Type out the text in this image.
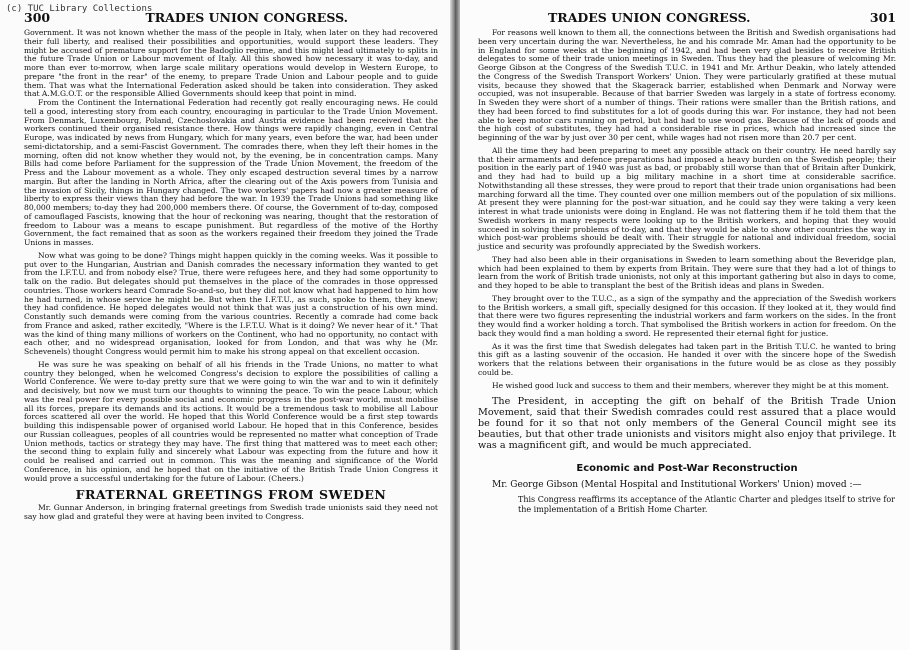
(c) TUC Library Collections
300	TRADES UNION CONGRESS.

Government. It was not known whether the mass of the people in Italy, when later on they had recovered their full liberty, and realised their possibilities and opportunities, would support these leaders. They might be accused of premature support for the Badoglio regime, and this might lead ultimately to splits in the future Trade Union or Labour movement of Italy. All this showed how necessary it was to-day, and more than ever to-morrow, when large scale military operations would develop in Western Europe, to prepare "the front in the rear" of the enemy, to prepare Trade Union and Labour people and to guide them. That was what the International Federation asked should be taken into consideration. They asked that A.M.G.O.T. or the responsible Allied Governments should keep that point in mind.

From the Continent the International Federation had recently got really encouraging news. He could tell a good, interesting story from each country, encouraging in particular to the Trade Union Movement. From Denmark, Luxembourg, Poland, Czechoslovakia and Austria evidence had been received that the workers continued their organised resistance there. How things were rapidly changing, even in Central Europe, was indicated by news from Hungary, which for many years, even before the war, had been under semi-dictatorship, and a semi-Fascist Government. The comrades there, when they left their homes in the morning, often did not know whether they would not, by the evening, be in concentration camps. Many Bills had come before Parliament for the suppression of the Trade Union Movement, the freedom of the Press and the Labour movement as a whole. They only escaped destruction several times by a narrow margin. But after the landing in North Africa, after the clearing out of the Axis powers from Tunisia and the invasion of Sicily, things in Hungary changed. The two workers' papers had now a greater measure of liberty to express their views than they had before the war. In 1939 the Trade Unions had something like 80,000 members; to-day they had 200,000 members there. Of course, the Government of to-day, composed of camouflaged Fascists, knowing that the hour of reckoning was nearing, thought that the restoration of freedom to Labour was a means to escape punishment. But regardless of the motive of the Horthy Government, the fact remained that as soon as the workers regained their freedom they joined the Trade Unions in masses.

Now what was going to be done? Things might happen quickly in the coming weeks. Was it possible to put over to the Hungarian, Austrian and Danish comrades the necessary information they wanted to get from the I.F.T.U. and from nobody else? True, there were refugees here, and they had some opportunity to talk on the radio. But delegates should put themselves in the place of the comrades in those oppressed countries. Those workers heard Comrade So-and-so, but they did not know what had happened to him how he had turned, in whose service he might be. But when the I.F.T.U., as such, spoke to them, they knew; they had confidence. He hoped delegates would not think that was just a construction of his own mind. Constantly such demands were coming from the various countries. Recently a comrade had come back from France and asked, rather excitedly, "Where is the I.F.T.U. What is it doing? We never hear of it." That was the kind of thing many millions of workers on the Continent, who had no opportunity, no contact with each other, and no widespread organisation, looked for from London, and that was why he (Mr. Schevenels) thought Congress would permit him to make his strong appeal on that excellent occasion.

He was sure he was speaking on behalf of all his friends in the Trade Unions, no matter to what country they belonged, when he welcomed Congress's decision to explore the possibilities of calling a World Conference. We were to-day pretty sure that we were going to win the war and to win it definitely and decisively, but now we must turn our thoughts to winning the peace. To win the peace Labour, which was the real power for every possible social and economic progress in the post-war world, must mobilise all its forces, prepare its demands and its actions. It would be a tremendous task to mobilise all Labour forces scattered all over the world. He hoped that this World Conference would be a first step towards building this indispensable power of organised world Labour. He hoped that in this Conference, besides our Russian colleagues, peoples of all countries would be represented no matter what conception of Trade Union methods, tactics or strategy they may have. The first thing that mattered was to meet each other; the second thing to explain fully and sincerely what Labour was expecting from the future and how it could be realised and carried out in common. This was the meaning and significance of the World Conference, in his opinion, and he hoped that on the initiative of the British Trade Union Congress it would prove a successful undertaking for the future of Labour. (Cheers.)

FRATERNAL GREETINGS FROM SWEDEN

Mr. Gunnar Anderson, in bringing fraternal greetings from Swedish trade unionists said they need not say how glad and grateful they were at having been invited to Congress.

TRADES UNION CONGRESS.	301

For reasons well known to them all, the connections between the British and Swedish organisations had been very uncertain during the war. Nevertheless, he and his comrade Mr. Aman had the opportunity to be in England for some weeks at the beginning of 1942, and had been very glad besides to receive British delegates to some of their trade union meetings in Sweden. Thus they had the pleasure of welcoming Mr. George Gibson at the Congress of the Swedish T.U.C. in 1941 and Mr. Arthur Deakin, who lately attended the Congress of the Swedish Transport Workers' Union. They were particularly gratified at these mutual visits, because they showed that the Skagerack barrier, established when Denmark and Norway were occupied, was not insuperable. Because of that barrier Sweden was largely in a state of fortress economy. In Sweden they were short of a number of things. Their rations were smaller than the British rations, and they had been forced to find substitutes for a lot of goods during this war. For instance, they had not been able to keep motor cars running on petrol, but had had to use wood gas. Because of the lack of goods and the high cost of substitutes, they had had a considerable rise in prices, which had increased since the beginning of the war by just over 30 per cent, while wages had not risen more than 20.7 per cent.

All the time they had been preparing to meet any possible attack on their country. He need hardly say that their armaments and defence preparations had imposed a heavy burden on the Swedish people; their position in the early part of 1940 was just as bad, or probably still worse than that of Britain after Dunkirk, and they had had to build up a big military machine in a short time at considerable sacrifice. Notwithstanding all these stresses, they were proud to report that their trade union organisations had been marching forward all the time. They counted over one million members out of the population of six millions. At present they were planning for the post-war situation, and he could say they were taking a very keen interest in what trade unionists were doing in England. He was not flattering them if he told them that the Swedish workers in many respects were looking up to the British workers, and hoping that they would succeed in solving their problems of to-day, and that they would be able to show other countries the way in which post-war problems should be dealt with. Their struggle for national and individual freedom, social justice and security was profoundly appreciated by the Swedish workers.

They had also been able in their organisations in Sweden to learn something about the Beveridge plan, which had been explained to them by experts from Britain. They were sure that they had a lot of things to learn from the work of British trade unionists, not only at this important gathering but also in days to come, and they hoped to be able to transplant the best of the British ideas and plans in Sweden.

They brought over to the T.U.C., as a sign of the sympathy and the appreciation of the Swedish workers to the British workers, a small gift, specially designed for this occasion. If they looked at it, they would find that there were two figures representing the industrial workers and farm workers on the sides. In the front they would find a worker holding a torch. That symbolised the British workers in action for freedom. On the back they would find a man holding a sword. He represented their eternal fight for justice.

As it was the first time that Swedish delegates had taken part in the British T.U.C. he wanted to bring this gift as a lasting souvenir of the occasion. He handed it over with the sincere hope of the Swedish workers that the relations between their organisations in the future would be as close as they possibly could be.

He wished good luck and success to them and their members, wherever they might be at this moment.

The President, in accepting the gift on behalf of the British Trade Union Movement, said that their Swedish comrades could rest assured that a place would be found for it so that not only members of the General Council might see its beauties, but that other trade unionists and visitors might also enjoy that privilege. It was a magnificent gift, and would be much appreciated.

Economic and Post-War Reconstruction

Mr. George Gibson (Mental Hospital and Institutional Workers' Union) moved :—

This Congress reaffirms its acceptance of the Atlantic Charter and pledges itself to strive for the implementation of a British Home Charter.
